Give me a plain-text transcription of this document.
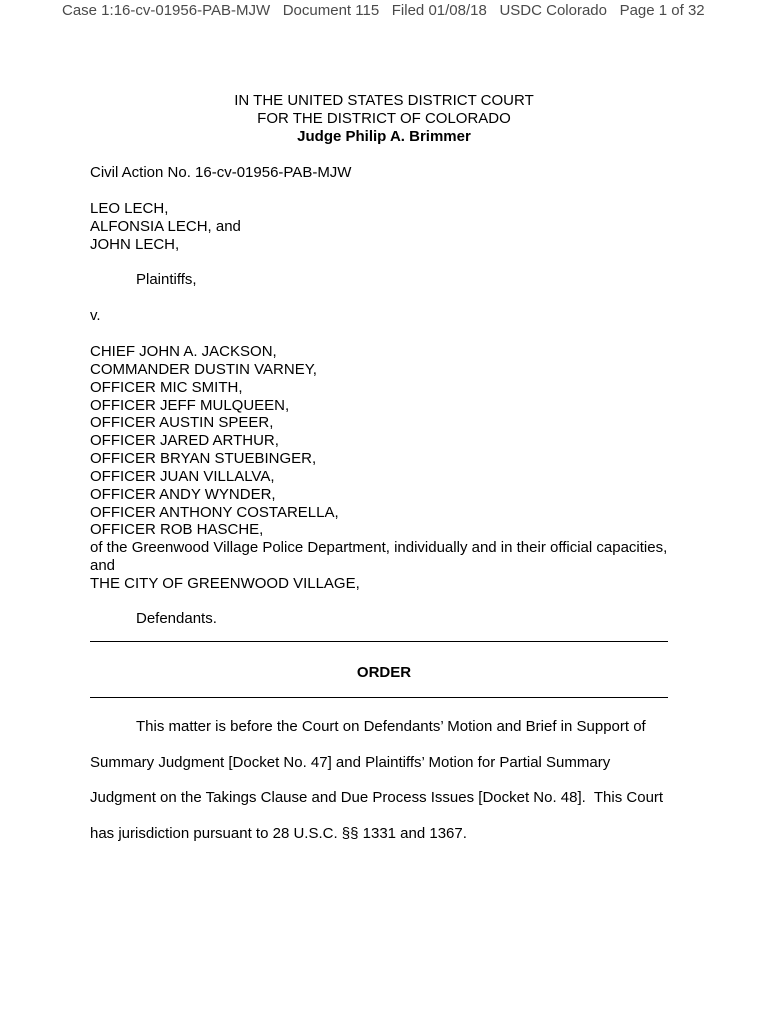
Case 1:16-cv-01956-PAB-MJW Document 115 Filed 01/08/18 USDC Colorado Page 1 of 32
IN THE UNITED STATES DISTRICT COURT
FOR THE DISTRICT OF COLORADO
Judge Philip A. Brimmer
Civil Action No. 16-cv-01956-PAB-MJW
LEO LECH,
ALFONSIA LECH, and
JOHN LECH,
Plaintiffs,
v.
CHIEF JOHN A. JACKSON,
COMMANDER DUSTIN VARNEY,
OFFICER MIC SMITH,
OFFICER JEFF MULQUEEN,
OFFICER AUSTIN SPEER,
OFFICER JARED ARTHUR,
OFFICER BRYAN STUEBINGER,
OFFICER JUAN VILLALVA,
OFFICER ANDY WYNDER,
OFFICER ANTHONY COSTARELLA,
OFFICER ROB HASCHE,
of the Greenwood Village Police Department, individually and in their official capacities,
and
THE CITY OF GREENWOOD VILLAGE,
Defendants.
ORDER
This matter is before the Court on Defendants’ Motion and Brief in Support of
Summary Judgment [Docket No. 47] and Plaintiffs’ Motion for Partial Summary
Judgment on the Takings Clause and Due Process Issues [Docket No. 48].  This Court
has jurisdiction pursuant to 28 U.S.C. §§ 1331 and 1367.
